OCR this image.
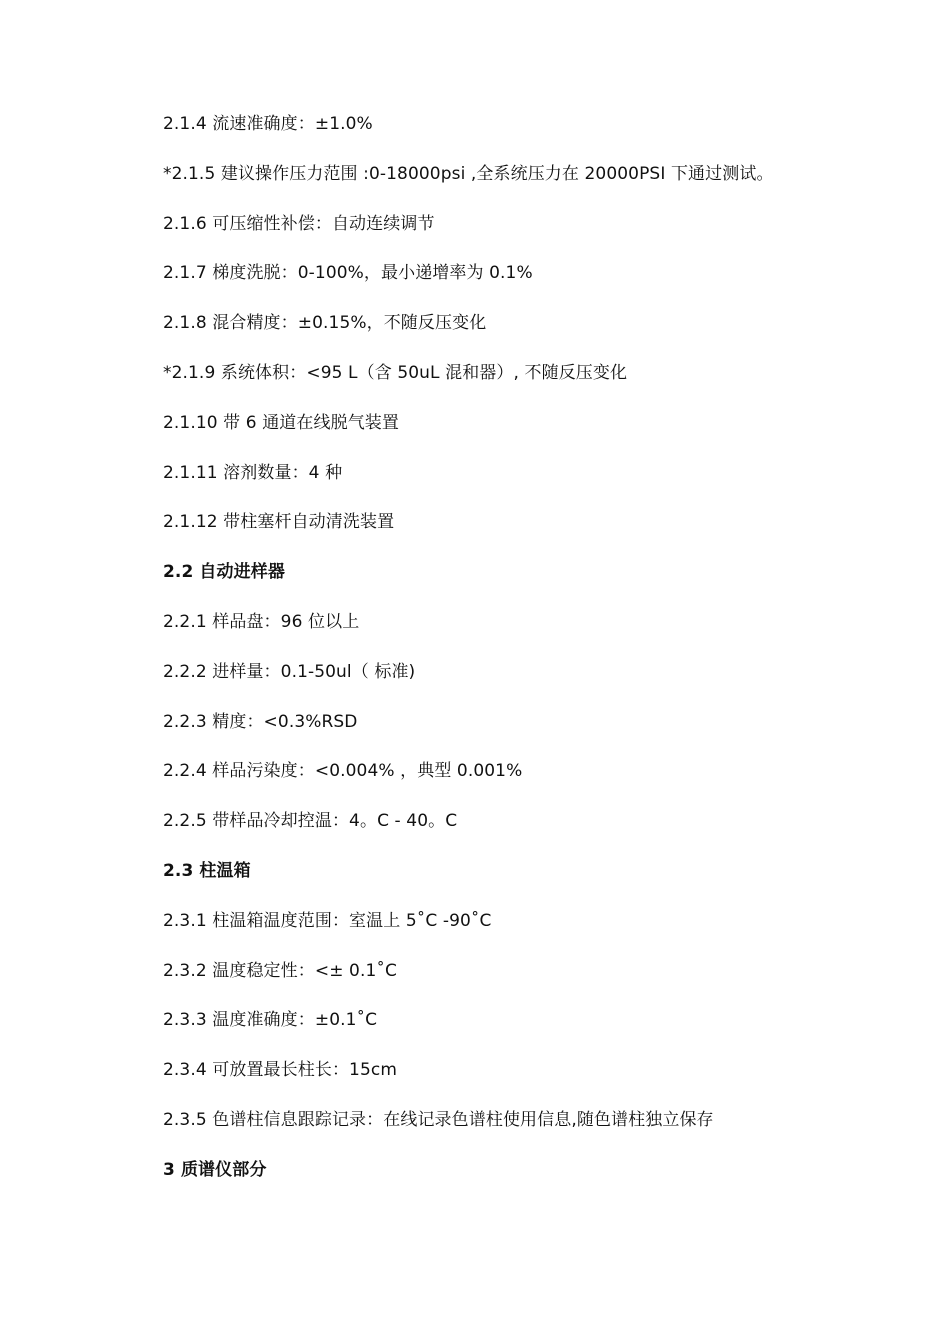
2.1.4 流速准确度：±1.0%
*2.1.5 建议操作压力范围 :0-18000psi ,全系统压力在 20000PSI 下通过测试。
2.1.6 可压缩性补偿：自动连续调节
2.1.7 梯度洗脱：0-100%，最小递增率为 0.1%
2.1.8 混合精度：±0.15%，不随反压变化
*2.1.9 系统体积：<95 L（含 50uL 混和器）, 不随反压变化
2.1.10 带 6 通道在线脱气装置
2.1.11 溶剂数量：4 种
2.1.12 带柱塞杆自动清洗装置
2.2 自动进样器
2.2.1 样品盘：96 位以上
2.2.2 进样量：0.1-50ul（ 标准)
2.2.3 精度：<0.3%RSD
2.2.4 样品污染度：<0.004% ，典型 0.001%
2.2.5 带样品冷却控温：4。C - 40。C
2.3 柱温箱
2.3.1 柱温箱温度范围：室温上 5˚C -90˚C
2.3.2 温度稳定性：<± 0.1˚C
2.3.3 温度准确度：±0.1˚C
2.3.4 可放置最长柱长：15cm
2.3.5 色谱柱信息跟踪记录：在线记录色谱柱使用信息,随色谱柱独立保存
3 质谱仪部分
